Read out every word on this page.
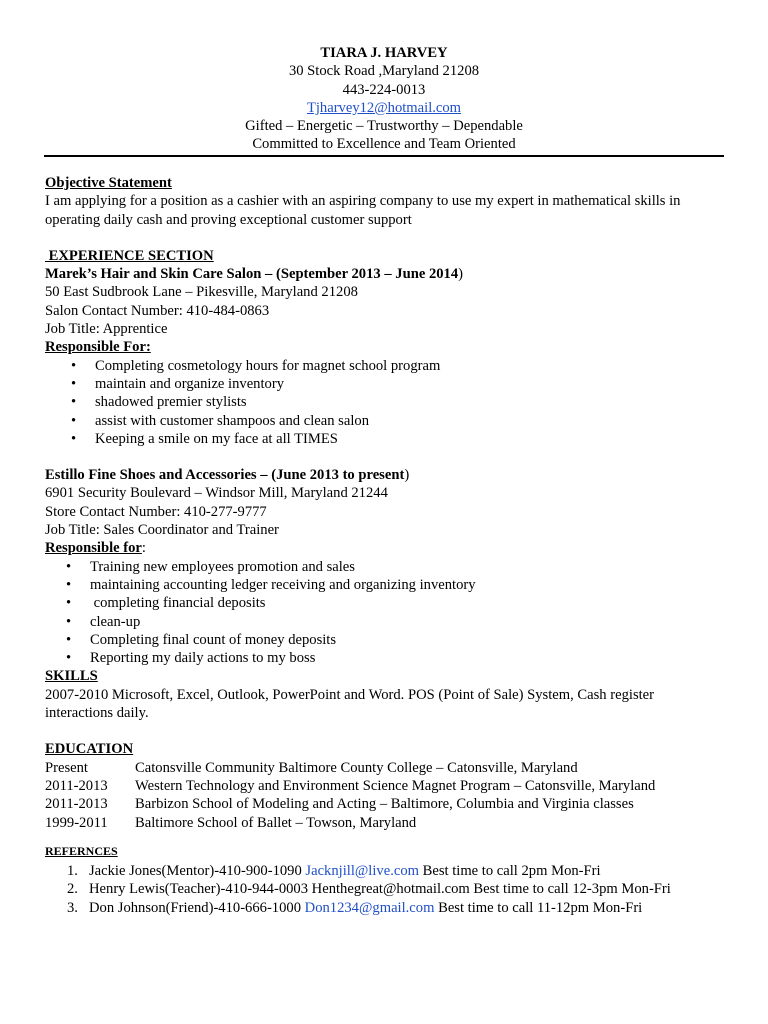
TIARA J. HARVEY
30 Stock Road ,Maryland 21208
443-224-0013
Tjharvey12@hotmail.com
Gifted – Energetic – Trustworthy – Dependable
Committed to Excellence and Team Oriented
Objective Statement
I am applying for a position as a cashier with an aspiring company to use my expert in mathematical skills in operating daily cash and proving exceptional customer support
EXPERIENCE SECTION
Marek’s Hair and Skin Care Salon – (September 2013 – June 2014)
50 East Sudbrook Lane – Pikesville, Maryland 21208
Salon Contact Number: 410-484-0863
Job Title: Apprentice
Responsible For:
• Completing cosmetology hours for magnet school program
• maintain and organize inventory
• shadowed premier stylists
• assist with customer shampoos and clean salon
• Keeping a smile on my face at all TIMES
Estillo Fine Shoes and Accessories – (June 2013 to present)
6901 Security Boulevard – Windsor Mill, Maryland 21244
Store Contact Number: 410-277-9777
Job Title: Sales Coordinator and Trainer
Responsible for:
• Training new employees promotion and sales
• maintaining accounting ledger receiving and organizing inventory
• completing financial deposits
• clean-up
• Completing final count of money deposits
• Reporting my daily actions to my boss
SKILLS
2007-2010 Microsoft, Excel, Outlook, PowerPoint and Word. POS (Point of Sale) System, Cash register interactions daily.
EDUCATION
Present	Catonsville Community Baltimore County College – Catonsville, Maryland
2011-2013	Western Technology and Environment Science Magnet Program – Catonsville, Maryland
2011-2013	Barbizon School of Modeling and Acting – Baltimore, Columbia and Virginia classes
1999-2011	Baltimore School of Ballet – Towson, Maryland
REFERNCES
1. Jackie Jones(Mentor)-410-900-1090 Jacknjill@live.com Best time to call 2pm Mon-Fri
2. Henry Lewis(Teacher)-410-944-0003 Henthegreat@hotmail.com Best time to call 12-3pm Mon-Fri
3. Don Johnson(Friend)-410-666-1000 Don1234@gmail.com Best time to call 11-12pm Mon-Fri
